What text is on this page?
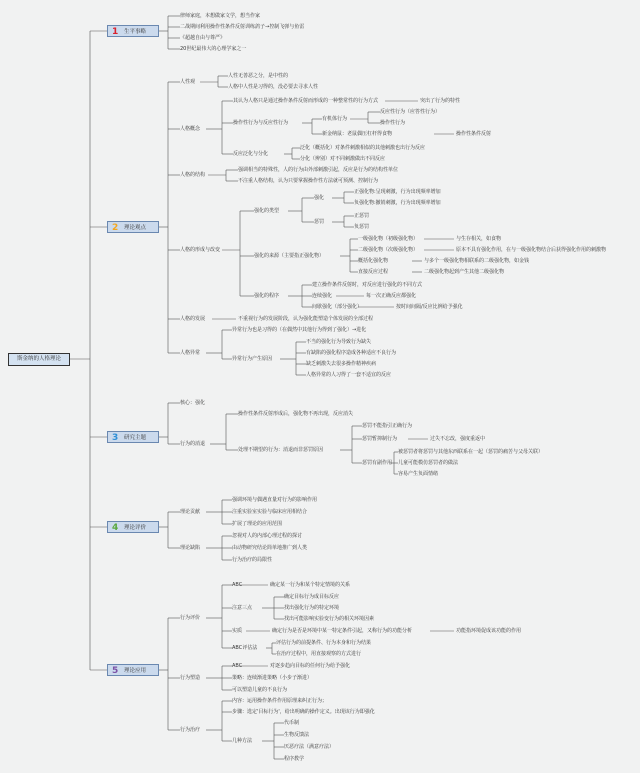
斯金纳的人格理论
1 生平事略
2 理论观点
3 研究主题
4 理论评价
5 理论应用
律师家庭，本想做家文学，想当作家
二战期间利用操作性条件反射训练鸽子→控制飞弹与鱼雷
《超越自由与尊严》
20世纪最伟大的心理学家之一
人性观
人性无善恶之分，是中性的
人格中人性是习得的，没必要去寻求人性
人格概念
其认为人格只是通过操作条件反射而形成的一种整常性的行为方式	突出了行为的特性
操作性行为与反应性行为
有机体行为
反应性行为（应答性行为）
操作性行为
新金纳鼠：老鼠偶压杠杆得食物	操作性条件反射
反应泛化与分化
泛化（概括化）对条件刺激相似的其他刺激也出行为反应
分化（辨别）对不同刺激做出不同反应
人格的结构
强调相当的特殊性，人的行为由外部刺激引起，反应是行为的结构性单位
不注重人格结构，认为只要掌握操作性方法就可预测、控制行为
人格的形成与改变
强化的类型
强化
正强化物:呈现刺激，行为出现频率增加
负强化物:撤销刺激，行为出现频率增加
惩罚
正惩罚
负惩罚
强化的来源（主要指正强化物）
一级强化物（初级强化物）	与生存相关，如食物
二级强化物（次级强化物）	原本不具有强化作用，在与一级强化物结合后获得强化作用的刺激物
概括化强化物	与多个一级强化物相联系的二级强化物，如金钱
直接反应过程	二级强化物起到产生其他二级强化物
强化的程序
建立操作条件反射时，对反应进行强化的不同方式
连续强化	每一次正确反应都强化
间歇强化（部分强化）	按时间间隔/反应比例给予强化
人格的发展	不重视行为的发展阶段，认为强化能塑造个体发展的全部过程
人格异常
异常行为也是习得的（在偶然中其他行为得到了强化）→进化
异常行为产生原因
不当的强化行为导致行为缺失
有缺陷的强化程序造成各种适应不良行为
缺乏刺激失去很多操作精神疾病
人格异常的人习得了一套不适宜的反应
核心：强化
行为的消退
操作性条件反射形成后，强化物不再出现，反应消失
处理不期望的行为：消退而非惩罚原因
惩罚不能指引正确行为
惩罚暂抑制行为	过失不忘改，强度重返中
惩罚有副作用
被惩罚者将惩罚与其他东西联系在一起（惩罚的痛苦与父母关联）
儿童可能模仿惩罚者的做法
容易产生负面情绪
理论贡献
强调环境与偶遇直量对行为的影响作用
注重实验室实验与临床应用相结合
扩展了理论的应用范围
理论缺陷
忽视对人的内部心理过程的探讨
由动物研究结论简单地推广到人类
行为治疗的局限性
行为评价
ABC	确定某一行为和某个特定情境的关系
确定目标行为成目标反应
注意三点	找出强化行为的特定环境
找出可能影响实验变行为的相关环境因素
实质	确定行为是否是环境中某一特定条件引起，又称行为的功能分析	功能指环境促成该功能的作用
ABC评估法
评估行为的前提条件、行为本身和行为结果
在治疗过程中，用直接观察的方式进行
行为塑造
ABC	对逐步趋向目标的任何行为给予强化
策略：连续渐进策略（小步子渐进）
可以塑造儿童的不良行为
行为治疗
内容：运用操作条件作用原理来纠正行为；
步骤：选定'目标行为'，给出明确的操作定义。出现该行为即强化
几种方法
代币制
生物反馈法
厌恶疗法（满意疗法）
程序教学
